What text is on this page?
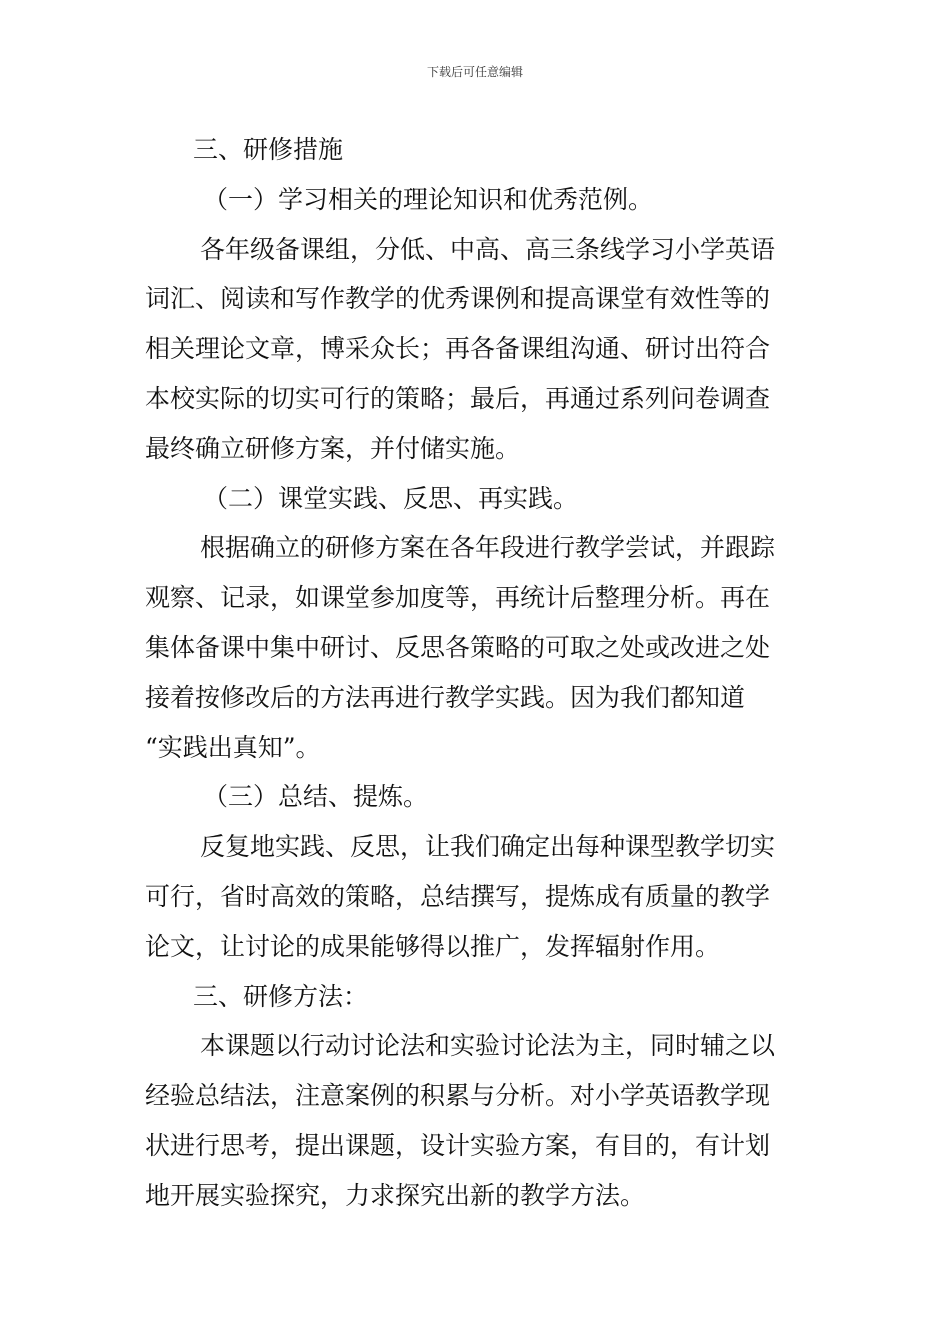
下载后可任意编辑

三、研修措施

（一）学习相关的理论知识和优秀范例。

各年级备课组，分低、中高、高三条线学习小学英语
词汇、阅读和写作教学的优秀课例和提高课堂有效性等的
相关理论文章，博采众长；再各备课组沟通、研讨出符合
本校实际的切实可行的策略；最后，再通过系列问卷调查
最终确立研修方案，并付储实施。

（二）课堂实践、反思、再实践。

根据确立的研修方案在各年段进行教学尝试，并跟踪
观察、记录，如课堂参加度等，再统计后整理分析。再在
集体备课中集中研讨、反思各策略的可取之处或改进之处
接着按修改后的方法再进行教学实践。因为我们都知道
“实践出真知”。

（三）总结、提炼。

反复地实践、反思，让我们确定出每种课型教学切实
可行，省时高效的策略，总结撰写，提炼成有质量的教学
论文，让讨论的成果能够得以推广，发挥辐射作用。

三、研修方法：

本课题以行动讨论法和实验讨论法为主，同时辅之以
经验总结法，注意案例的积累与分析。对小学英语教学现
状进行思考，提出课题，设计实验方案，有目的，有计划
地开展实验探究，力求探究出新的教学方法。
